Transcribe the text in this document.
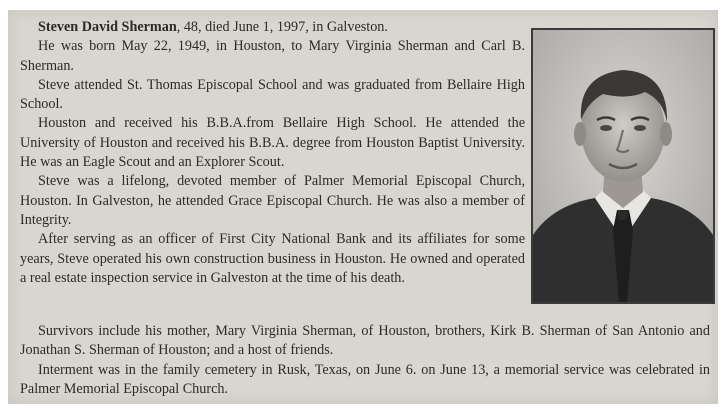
Steven David Sherman, 48, died June 1, 1997, in Galveston.

He was born May 22, 1949, in Houston, to Mary Virginia Sherman and Carl B. Sherman.

Steve attended St. Thomas Episcopal School and was graduated from Bellaire High School.

Houston and received his B.B.A.from Bellaire High School. He attended the University of Houston and received his B.B.A. degree from Houston Baptist University. He was an Eagle Scout and an Explorer Scout.

Steve was a lifelong, devoted member of Palmer Memorial Episcopal Church, Houston. In Galveston, he attended Grace Episcopal Church. He was also a member of Integrity.

After serving as an officer of First City National Bank and its affiliates for some years, Steve operated his own construction business in Houston. He owned and operated a real estate inspection service in Galveston at the time of his death.

Survivors include his mother, Mary Virginia Sherman, of Houston, brothers, Kirk B. Sherman of San Antonio and Jonathan S. Sherman of Houston; and a host of friends.

Interment was in the family cemetery in Rusk, Texas, on June 6. on June 13, a memorial service was celebrated in Palmer Memorial Episcopal Church.
